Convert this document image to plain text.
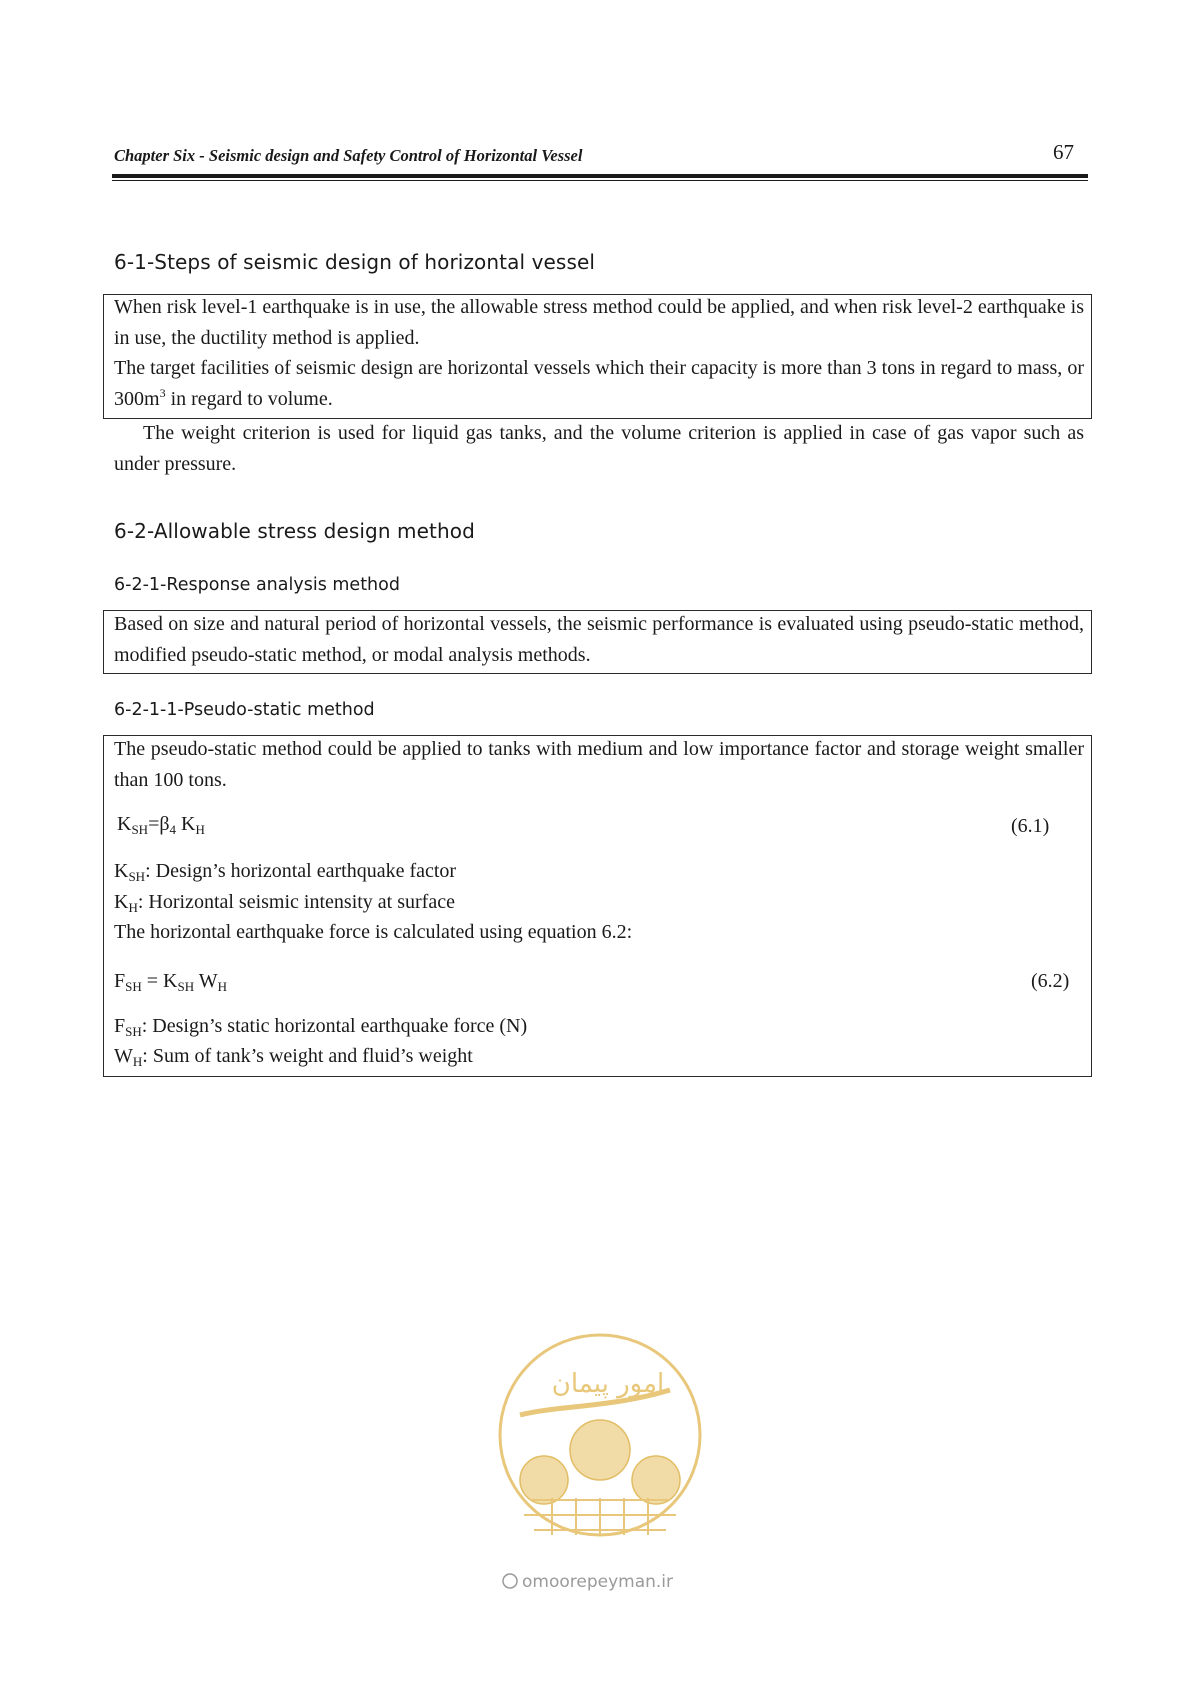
Chapter Six - Seismic design and Safety Control of Horizontal Vessel	67
6-1-Steps of seismic design of horizontal vessel
When risk level-1 earthquake is in use, the allowable stress method could be applied, and when risk level-2 earthquake is in use, the ductility method is applied.
The target facilities of seismic design are horizontal vessels which their capacity is more than 3 tons in regard to mass, or $300m^3$ in regard to volume.
The weight criterion is used for liquid gas tanks, and the volume criterion is applied in case of gas vapor such as under pressure.
6-2-Allowable stress design method
6-2-1-Response analysis method
Based on size and natural period of horizontal vessels, the seismic performance is evaluated using pseudo-static method, modified pseudo-static method, or modal analysis methods.
6-2-1-1-Pseudo-static method
The pseudo-static method could be applied to tanks with medium and low importance factor and storage weight smaller than 100 tons.
$K_{SH}=\beta_4$ $K_H$	(6.1)
$K_{SH}$: Design’s horizontal earthquake factor
$K_H$: Horizontal seismic intensity at surface
The horizontal earthquake force is calculated using equation 6.2:
$F_{SH} = K_{SH}$ $W_H$	(6.2)
$F_{SH}$: Design’s static horizontal earthquake force (N)
$W_H$: Sum of tank’s weight and fluid’s weight
امور پیمان
omoorepeyman.ir
